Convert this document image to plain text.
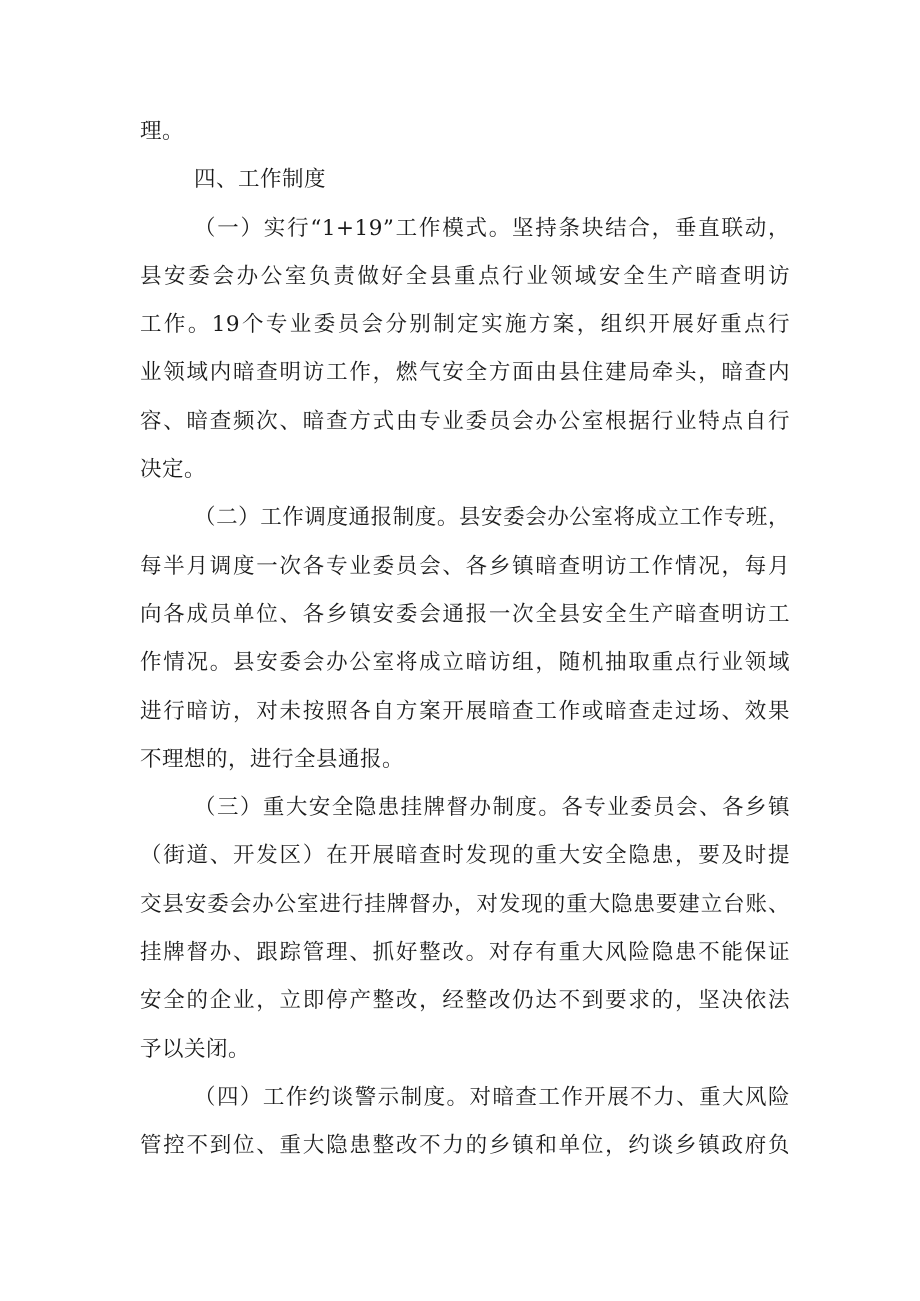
理。
四、工作制度
（一）实行“1+19”工作模式。坚持条块结合，垂直联动，
县安委会办公室负责做好全县重点行业领域安全生产暗查明访
工作。19个专业委员会分别制定实施方案，组织开展好重点行
业领域内暗查明访工作，燃气安全方面由县住建局牵头，暗查内
容、暗查频次、暗查方式由专业委员会办公室根据行业特点自行
决定。
（二）工作调度通报制度。县安委会办公室将成立工作专班，
每半月调度一次各专业委员会、各乡镇暗查明访工作情况，每月
向各成员单位、各乡镇安委会通报一次全县安全生产暗查明访工
作情况。县安委会办公室将成立暗访组，随机抽取重点行业领域
进行暗访，对未按照各自方案开展暗查工作或暗查走过场、效果
不理想的，进行全县通报。
（三）重大安全隐患挂牌督办制度。各专业委员会、各乡镇
（街道、开发区）在开展暗查时发现的重大安全隐患，要及时提
交县安委会办公室进行挂牌督办，对发现的重大隐患要建立台账、
挂牌督办、跟踪管理、抓好整改。对存有重大风险隐患不能保证
安全的企业，立即停产整改，经整改仍达不到要求的，坚决依法
予以关闭。
（四）工作约谈警示制度。对暗查工作开展不力、重大风险
管控不到位、重大隐患整改不力的乡镇和单位，约谈乡镇政府负
